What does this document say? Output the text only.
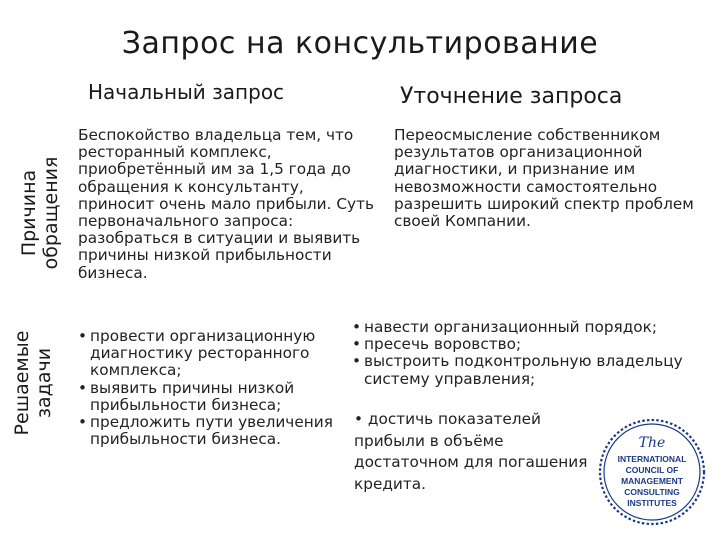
Запрос на консультирование
Начальный запрос	Уточнение запроса
Причина обращения
Решаемые задачи

Беспокойство владельца тем, что ресторанный комплекс, приобретённый им за 1,5 года до обращения к консультанту, приносит очень мало прибыли. Суть первоначального запроса: разобраться в ситуации и выявить причины низкой прибыльности бизнеса.

Переосмысление собственником результатов организационной диагностики, и признание им невозможности самостоятельно разрешить широкий спектр проблем своей Компании.

• провести организационную диагностику ресторанного комплекса;
• выявить причины низкой прибыльности бизнеса;
• предложить пути увеличения прибыльности бизнеса.
• навести организационный порядок;
• пресечь воровство;
• выстроить подконтрольную владельцу систему управления;
• достичь показателей прибыли в объёме достаточном для погашения кредита.
The
INTERNATIONAL
COUNCIL OF
MANAGEMENT
CONSULTING
INSTITUTES
